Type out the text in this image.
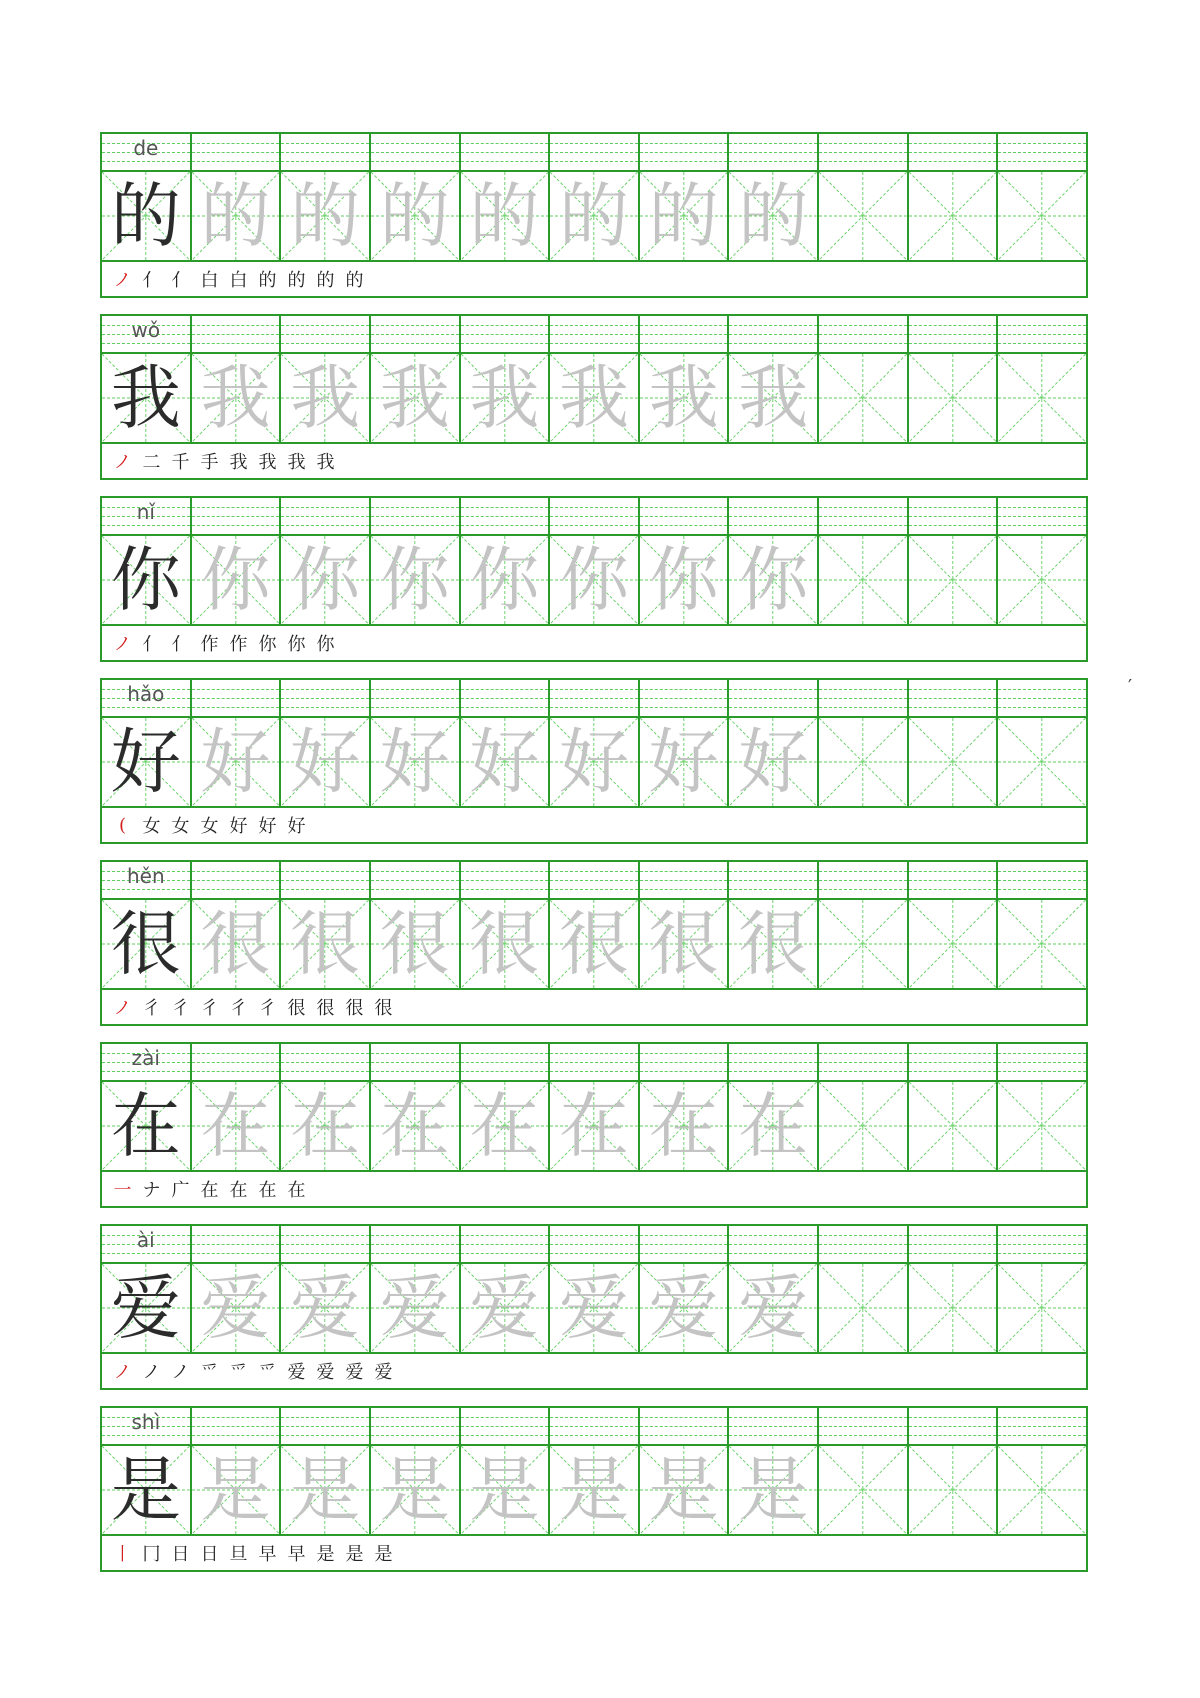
de
的 的 的 的 的 的 的 的
ノ 亻 亻 白 白 的 的 的 的
wǒ
我 我 我 我 我 我 我 我
ノ 二 千 手 我 我 我 我
nǐ
你 你 你 你 你 你 你 你
ノ 亻 亻 作 作 你 你 你
hǎo
好 好 好 好 好 好 好 好
( 女 女 女 好 好 好
hěn
很 很 很 很 很 很 很 很
ノ 彳 彳 彳 彳 彳 很 很 很 很
zài
在 在 在 在 在 在 在 在
一 ナ 广 在 在 在 在
ài
爱 爱 爱 爱 爱 爱 爱 爱
ノ ノ ノ 爫 爫 爫 爱 爱 爱 爱
shì
是 是 是 是 是 是 是 是
丨 冂 日 日 旦 早 早 是 是 是
′
